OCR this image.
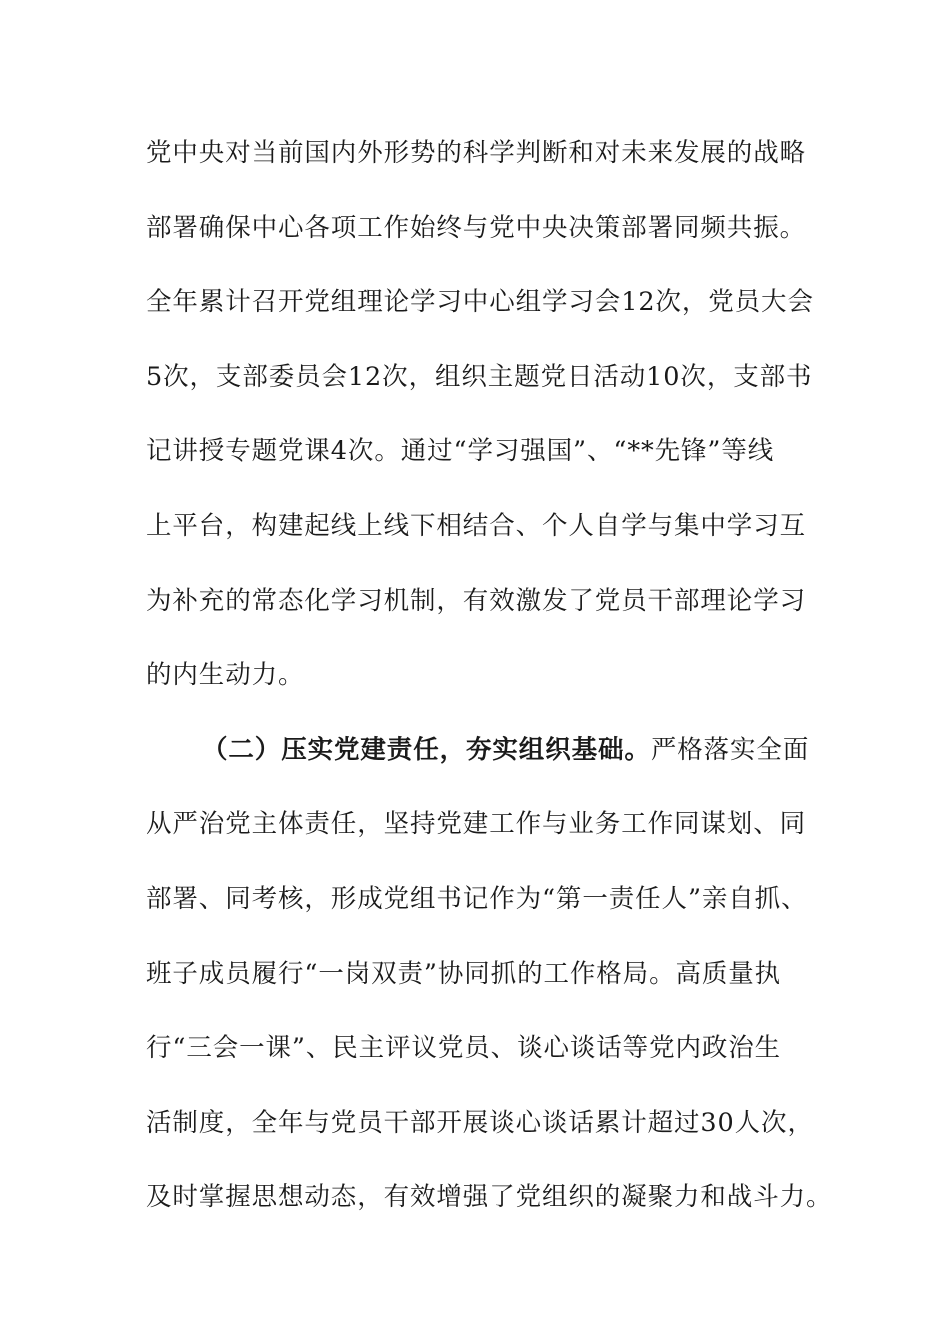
党中央对当前国内外形势的科学判断和对未来发展的战略
部署确保中心各项工作始终与党中央决策部署同频共振。
全年累计召开党组理论学习中心组学习会12次，党员大会
5次，支部委员会12次，组织主题党日活动10次，支部书
记讲授专题党课4次。通过“学习强国”、“**先锋”等线
上平台，构建起线上线下相结合、个人自学与集中学习互
为补充的常态化学习机制，有效激发了党员干部理论学习
的内生动力。
（二）压实党建责任，夯实组织基础。严格落实全面
从严治党主体责任，坚持党建工作与业务工作同谋划、同
部署、同考核，形成党组书记作为“第一责任人”亲自抓、
班子成员履行“一岗双责”协同抓的工作格局。高质量执
行“三会一课”、民主评议党员、谈心谈话等党内政治生
活制度，全年与党员干部开展谈心谈话累计超过30人次，
及时掌握思想动态，有效增强了党组织的凝聚力和战斗力。
